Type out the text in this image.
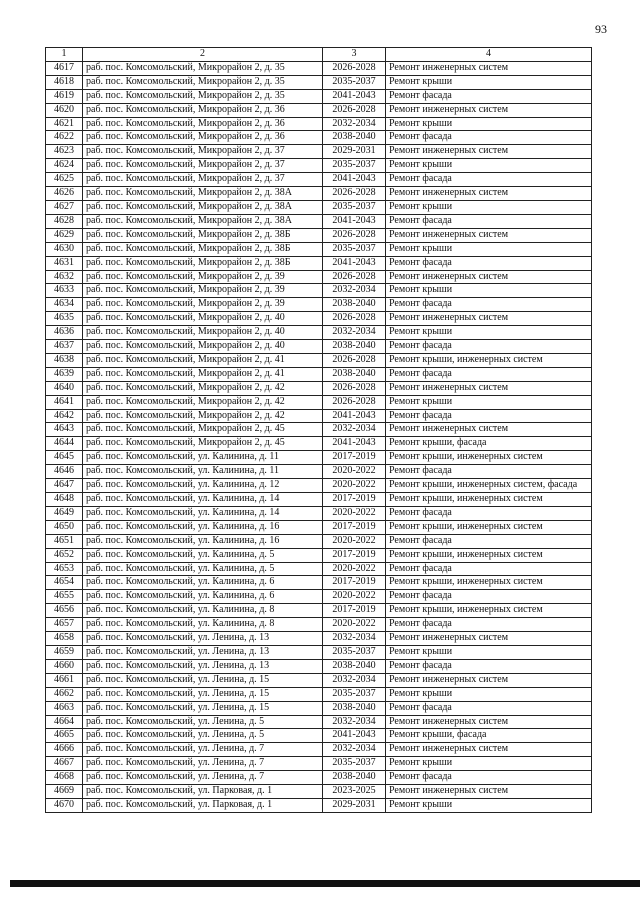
93
1	2	3	4
4617	раб. пос. Комсомольский, Микрорайон 2, д. 35	2026-2028	Ремонт инженерных систем
4618	раб. пос. Комсомольский, Микрорайон 2, д. 35	2035-2037	Ремонт крыши
4619	раб. пос. Комсомольский, Микрорайон 2, д. 35	2041-2043	Ремонт фасада
4620	раб. пос. Комсомольский, Микрорайон 2, д. 36	2026-2028	Ремонт инженерных систем
4621	раб. пос. Комсомольский, Микрорайон 2, д. 36	2032-2034	Ремонт крыши
4622	раб. пос. Комсомольский, Микрорайон 2, д. 36	2038-2040	Ремонт фасада
4623	раб. пос. Комсомольский, Микрорайон 2, д. 37	2029-2031	Ремонт инженерных систем
4624	раб. пос. Комсомольский, Микрорайон 2, д. 37	2035-2037	Ремонт крыши
4625	раб. пос. Комсомольский, Микрорайон 2, д. 37	2041-2043	Ремонт фасада
4626	раб. пос. Комсомольский, Микрорайон 2, д. 38А	2026-2028	Ремонт инженерных систем
4627	раб. пос. Комсомольский, Микрорайон 2, д. 38А	2035-2037	Ремонт крыши
4628	раб. пос. Комсомольский, Микрорайон 2, д. 38А	2041-2043	Ремонт фасада
4629	раб. пос. Комсомольский, Микрорайон 2, д. 38Б	2026-2028	Ремонт инженерных систем
4630	раб. пос. Комсомольский, Микрорайон 2, д. 38Б	2035-2037	Ремонт крыши
4631	раб. пос. Комсомольский, Микрорайон 2, д. 38Б	2041-2043	Ремонт фасада
4632	раб. пос. Комсомольский, Микрорайон 2, д. 39	2026-2028	Ремонт инженерных систем
4633	раб. пос. Комсомольский, Микрорайон 2, д. 39	2032-2034	Ремонт крыши
4634	раб. пос. Комсомольский, Микрорайон 2, д. 39	2038-2040	Ремонт фасада
4635	раб. пос. Комсомольский, Микрорайон 2, д. 40	2026-2028	Ремонт инженерных систем
4636	раб. пос. Комсомольский, Микрорайон 2, д. 40	2032-2034	Ремонт крыши
4637	раб. пос. Комсомольский, Микрорайон 2, д. 40	2038-2040	Ремонт фасада
4638	раб. пос. Комсомольский, Микрорайон 2, д. 41	2026-2028	Ремонт крыши, инженерных систем
4639	раб. пос. Комсомольский, Микрорайон 2, д. 41	2038-2040	Ремонт фасада
4640	раб. пос. Комсомольский, Микрорайон 2, д. 42	2026-2028	Ремонт инженерных систем
4641	раб. пос. Комсомольский, Микрорайон 2, д. 42	2026-2028	Ремонт крыши
4642	раб. пос. Комсомольский, Микрорайон 2, д. 42	2041-2043	Ремонт фасада
4643	раб. пос. Комсомольский, Микрорайон 2, д. 45	2032-2034	Ремонт инженерных систем
4644	раб. пос. Комсомольский, Микрорайон 2, д. 45	2041-2043	Ремонт крыши, фасада
4645	раб. пос. Комсомольский, ул. Калинина, д. 11	2017-2019	Ремонт крыши, инженерных систем
4646	раб. пос. Комсомольский, ул. Калинина, д. 11	2020-2022	Ремонт фасада
4647	раб. пос. Комсомольский, ул. Калинина, д. 12	2020-2022	Ремонт крыши, инженерных систем, фасада
4648	раб. пос. Комсомольский, ул. Калинина, д. 14	2017-2019	Ремонт крыши, инженерных систем
4649	раб. пос. Комсомольский, ул. Калинина, д. 14	2020-2022	Ремонт фасада
4650	раб. пос. Комсомольский, ул. Калинина, д. 16	2017-2019	Ремонт крыши, инженерных систем
4651	раб. пос. Комсомольский, ул. Калинина, д. 16	2020-2022	Ремонт фасада
4652	раб. пос. Комсомольский, ул. Калинина, д. 5	2017-2019	Ремонт крыши, инженерных систем
4653	раб. пос. Комсомольский, ул. Калинина, д. 5	2020-2022	Ремонт фасада
4654	раб. пос. Комсомольский, ул. Калинина, д. 6	2017-2019	Ремонт крыши, инженерных систем
4655	раб. пос. Комсомольский, ул. Калинина, д. 6	2020-2022	Ремонт фасада
4656	раб. пос. Комсомольский, ул. Калинина, д. 8	2017-2019	Ремонт крыши, инженерных систем
4657	раб. пос. Комсомольский, ул. Калинина, д. 8	2020-2022	Ремонт фасада
4658	раб. пос. Комсомольский, ул. Ленина, д. 13	2032-2034	Ремонт инженерных систем
4659	раб. пос. Комсомольский, ул. Ленина, д. 13	2035-2037	Ремонт крыши
4660	раб. пос. Комсомольский, ул. Ленина, д. 13	2038-2040	Ремонт фасада
4661	раб. пос. Комсомольский, ул. Ленина, д. 15	2032-2034	Ремонт инженерных систем
4662	раб. пос. Комсомольский, ул. Ленина, д. 15	2035-2037	Ремонт крыши
4663	раб. пос. Комсомольский, ул. Ленина, д. 15	2038-2040	Ремонт фасада
4664	раб. пос. Комсомольский, ул. Ленина, д. 5	2032-2034	Ремонт инженерных систем
4665	раб. пос. Комсомольский, ул. Ленина, д. 5	2041-2043	Ремонт крыши, фасада
4666	раб. пос. Комсомольский, ул. Ленина, д. 7	2032-2034	Ремонт инженерных систем
4667	раб. пос. Комсомольский, ул. Ленина, д. 7	2035-2037	Ремонт крыши
4668	раб. пос. Комсомольский, ул. Ленина, д. 7	2038-2040	Ремонт фасада
4669	раб. пос. Комсомольский, ул. Парковая, д. 1	2023-2025	Ремонт инженерных систем
4670	раб. пос. Комсомольский, ул. Парковая, д. 1	2029-2031	Ремонт крыши
